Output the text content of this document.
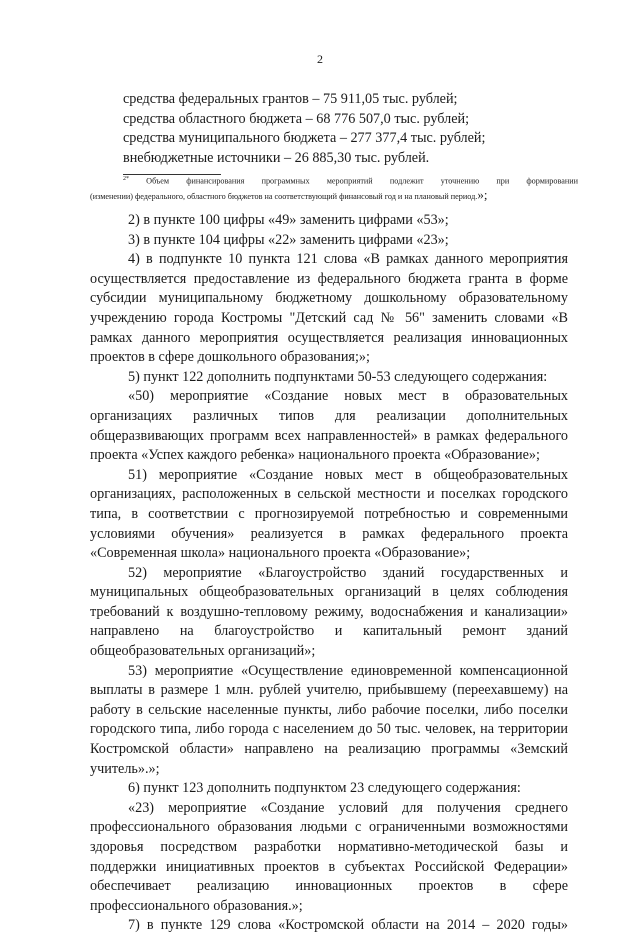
2
средства федеральных грантов – 75 911,05 тыс. рублей;
средства областного бюджета – 68 776 507,0 тыс. рублей;
средства муниципального бюджета – 277 377,4 тыс. рублей;
внебюджетные источники – 26 885,30 тыс. рублей.
$^{2*}$ Объем финансирования программных мероприятий подлежит уточнению при формировании
(изменении) федерального, областного бюджетов на соответствующий финансовый год и на плановый период.»;

2) в пункте 100 цифры «49» заменить цифрами «53»;

3) в пункте 104 цифры «22» заменить цифрами «23»;

4) в подпункте 10 пункта 121 слова «В рамках данного мероприятия осуществляется предоставление из федерального бюджета гранта в форме субсидии муниципальному бюджетному дошкольному образовательному учреждению города Костромы "Детский сад № 56" заменить словами «В рамках данного мероприятия осуществляется реализация инновационных проектов в сфере дошкольного образования;»;

5) пункт 122 дополнить подпунктами 50-53 следующего содержания:

«50) мероприятие «Создание новых мест в образовательных организациях различных типов для реализации дополнительных общеразвивающих программ всех направленностей» в рамках федерального проекта «Успех каждого ребенка» национального проекта «Образование»;

51) мероприятие «Создание новых мест в общеобразовательных организациях, расположенных в сельской местности и поселках городского типа, в соответствии с прогнозируемой потребностью и современными условиями обучения» реализуется в рамках федерального проекта «Современная школа» национального проекта «Образование»;

52) мероприятие «Благоустройство зданий государственных и муниципальных общеобразовательных организаций в целях соблюдения требований к воздушно-тепловому режиму, водоснабжения и канализации» направлено на благоустройство и капитальный ремонт зданий общеобразовательных организаций»;

53) мероприятие «Осуществление единовременной компенсационной выплаты в размере 1 млн. рублей учителю, прибывшему (переехавшему) на работу в сельские населенные пункты, либо рабочие поселки, либо поселки городского типа, либо города с населением до 50 тыс. человек, на территории Костромской области» направлено на реализацию программы «Земский учитель».»;

6) пункт 123 дополнить подпунктом 23 следующего содержания:

«23) мероприятие «Создание условий для получения среднего профессионального образования людьми с ограниченными возможностями здоровья посредством разработки нормативно-методической базы и поддержки инициативных проектов в субъектах Российской Федерации» обеспечивает реализацию инновационных проектов в сфере профессионального образования.»;

7) в пункте 129 слова «Костромской области на 2014 – 2020 годы»
